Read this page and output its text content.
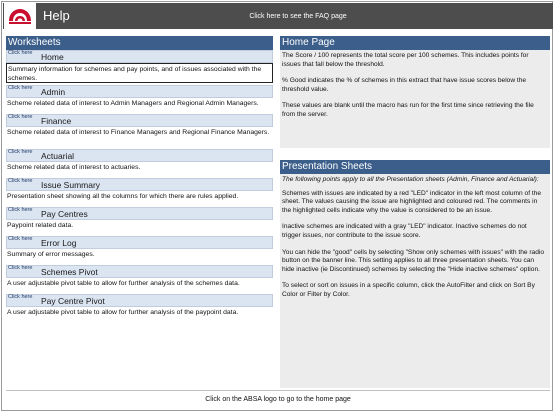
Help	Click here to see the FAQ page
Worksheets
Click here Home
Summary information for schemes and pay points, and of issues associated with the schemes.
Click here Admin
Scheme related data of interest to Admin Managers and Regional Admin Managers.
Click here Finance
Scheme related data of interest to Finance Managers and Regional Finance Managers.
Click here Actuarial
Scheme related data of interest to actuaries.
Click here Issue Summary
Presentation sheet showing all the columns for which there are rules applied.
Click here Pay Centres
Paypoint related data.
Click here Error Log
Summary of error messages.
Click here Schemes Pivot
A user adjustable pivot table to allow for further analysis of the schemes data.
Click here Pay Centre Pivot
A user adjustable pivot table to allow for further analysis of the paypoint data.
Home Page

The Score / 100 represents the total score per 100 schemes. This includes points for issues that fall below the threshold.

% Good indicates the % of schemes in this extract that have issue scores below the threshold value.

These values are blank until the macro has run for the first time since retrieving the file from the server.

Presentation Sheets

The following points apply to all the Presentation sheets (Admin, Finance and Actuarial):

Schemes with issues are indicated by a red "LED" indicator in the left most column of the sheet. The values causing the issue are highlighted and coloured red. The comments in the highlighted cells indicate why the value is considered to be an issue.

Inactive schemes are indicated with a gray "LED" indicator. Inactive schemes do not trigger issues, nor contribute to the issue score.

You can hide the "good" cells by selecting "Show only schemes with issues" with the radio button on the banner line. This setting applies to all three presentation sheets. You can hide inactive (ie Discontinued) schemes by selecting the "Hide inactive schemes" option.

To select or sort on issues in a specific column, click the AutoFilter and click on Sort By Color or Filter by Color.

Click on the ABSA logo to go to the home page
